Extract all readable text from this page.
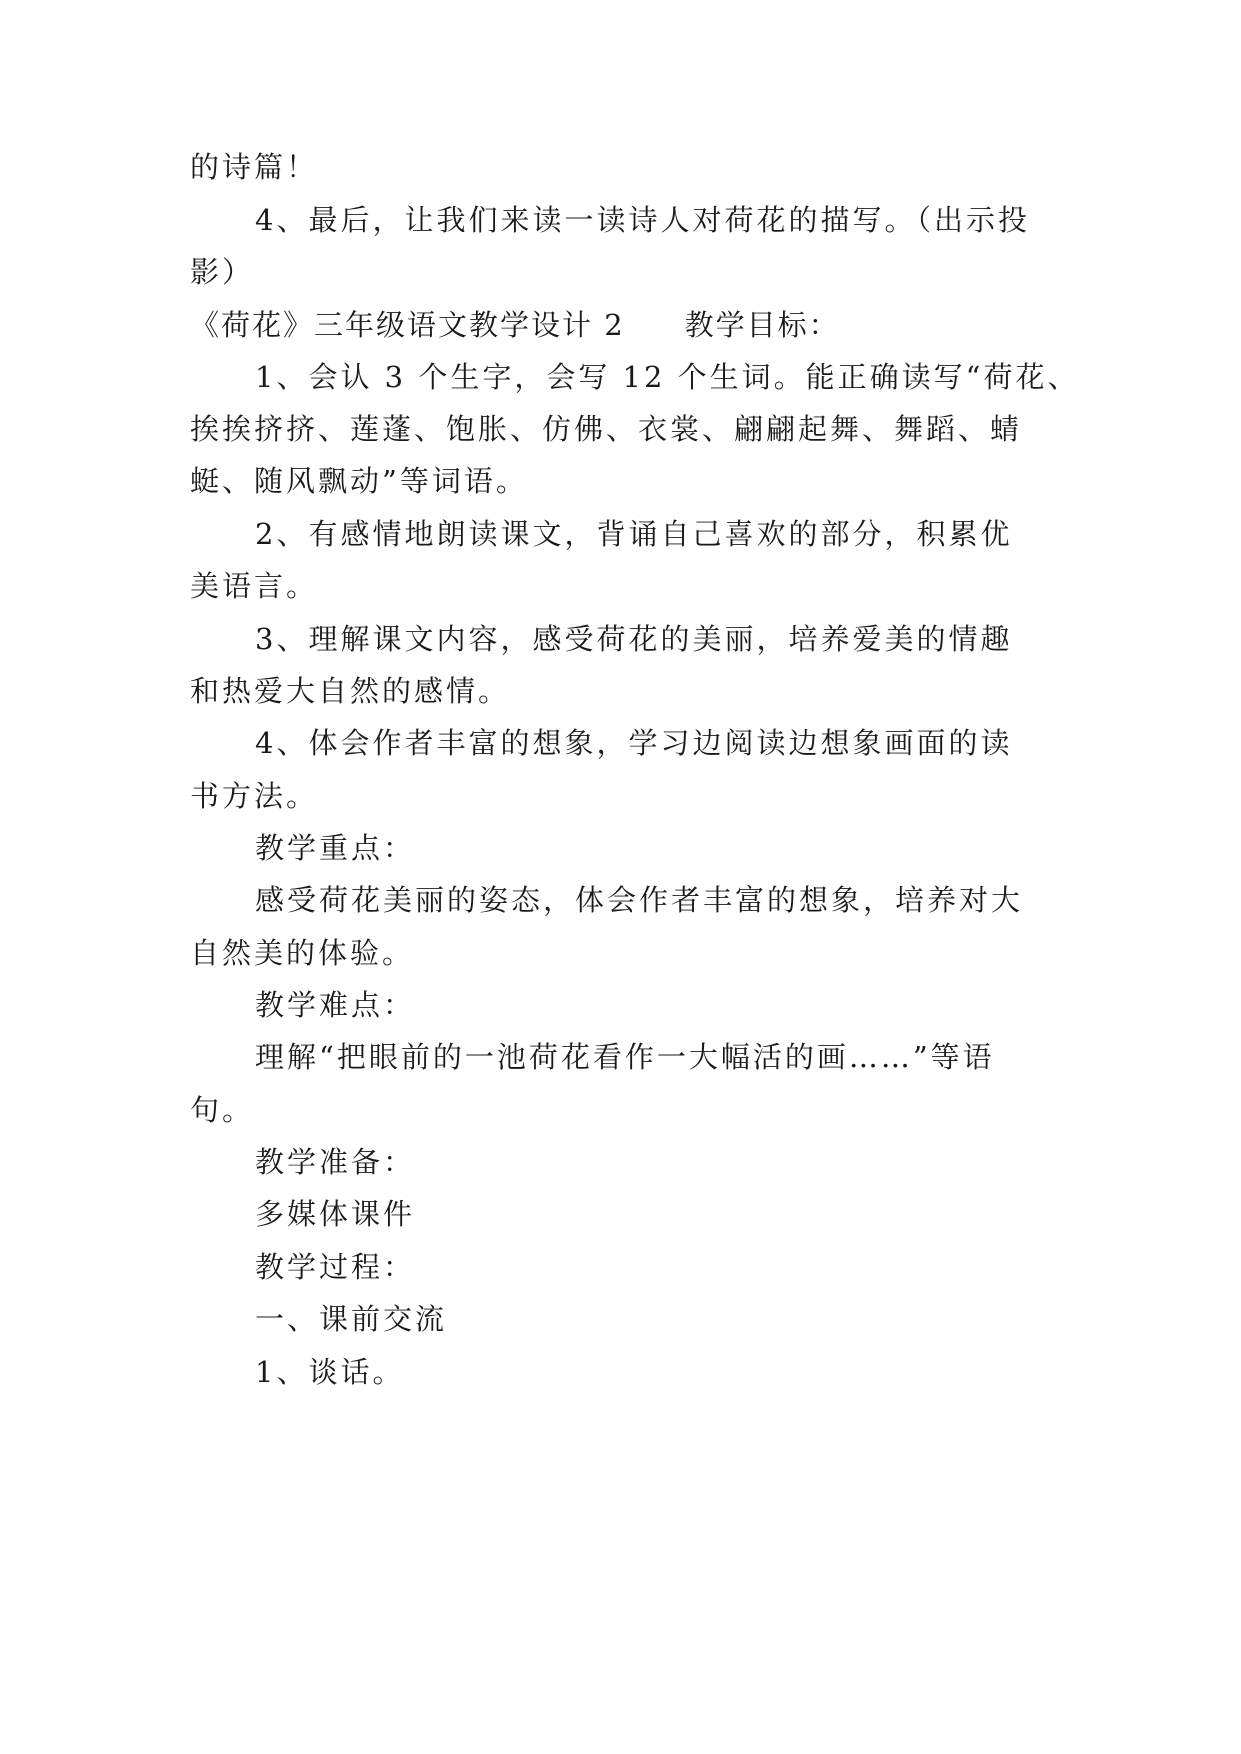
的诗篇！
4、最后，让我们来读一读诗人对荷花的描写。（出示投
影）
《荷花》三年级语文教学设计 2 教学目标：
1、会认 3 个生字，会写 12 个生词。能正确读写“荷花、
挨挨挤挤、莲蓬、饱胀、仿佛、衣裳、翩翩起舞、舞蹈、蜻
蜓、随风飘动”等词语。
2、有感情地朗读课文，背诵自己喜欢的部分，积累优
美语言。
3、理解课文内容，感受荷花的美丽，培养爱美的情趣
和热爱大自然的感情。
4、体会作者丰富的想象，学习边阅读边想象画面的读
书方法。
教学重点：
感受荷花美丽的姿态，体会作者丰富的想象，培养对大
自然美的体验。
教学难点：
理解“把眼前的一池荷花看作一大幅活的画……”等语
句。
教学准备：
多媒体课件
教学过程：
一、课前交流
1、谈话。
